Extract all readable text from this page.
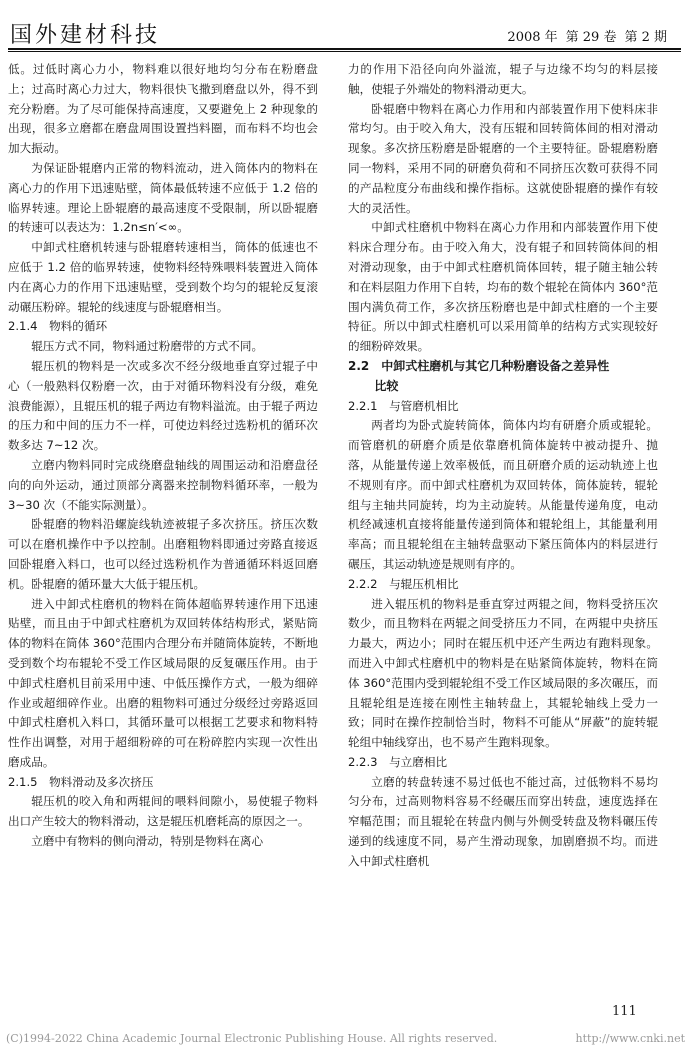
国外建材科技	2008 年 第 29 卷 第 2 期

低。过低时离心力小，物料难以很好地均匀分布在粉磨盘上；过高时离心力过大，物料很快飞撒到磨盘以外，得不到充分粉磨。为了尽可能保持高速度，又要避免上 2 种现象的出现，很多立磨都在磨盘周围设置挡料圈，而布料不均也会加大振动。

为保证卧辊磨内正常的物料流动，进入筒体内的物料在离心力的作用下迅速贴壁，筒体最低转速不应低于 1.2 倍的临界转速。理论上卧辊磨的最高速度不受限制，所以卧辊磨的转速可以表达为：1.2n≤n′<∞。

中卸式柱磨机转速与卧辊磨转速相当，筒体的低速也不应低于 1.2 倍的临界转速，使物料经特殊喂料装置进入筒体内在离心力的作用下迅速贴壁，受到数个均匀的辊轮反复滚动碾压粉碎。辊轮的线速度与卧辊磨相当。

2.1.4　物料的循环

辊压方式不同，物料通过粉磨带的方式不同。

辊压机的物料是一次或多次不经分级地垂直穿过辊子中心（一般熟料仅粉磨一次，由于对循环物料没有分级，难免浪费能源），且辊压机的辊子两边有物料溢流。由于辊子两边的压力和中间的压力不一样，可使边料经过选粉机的循环次数多达 7~12 次。

立磨内物料同时完成绕磨盘轴线的周围运动和沿磨盘径向的向外运动，通过顶部分离器来控制物料循环率，一般为 3~30 次（不能实际测量）。

卧辊磨的物料沿螺旋线轨迹被辊子多次挤压。挤压次数可以在磨机操作中予以控制。出磨粗物料即通过旁路直接返回卧辊磨入料口，也可以经过选粉机作为普通循环料返回磨机。卧辊磨的循环量大大低于辊压机。

进入中卸式柱磨机的物料在筒体超临界转速作用下迅速贴壁，而且由于中卸式柱磨机为双回转体结构形式，紧贴筒体的物料在筒体 360°范围内合理分布并随筒体旋转，不断地受到数个均布辊轮不受工作区域局限的反复碾压作用。由于中卸式柱磨机目前采用中速、中低压操作方式，一般为细碎作业或超细碎作业。出磨的粗物料可通过分级经过旁路返回中卸式柱磨机入料口，其循环量可以根据工艺要求和物料特性作出调整，对用于超细粉碎的可在粉碎腔内实现一次性出磨成品。

2.1.5　物料滑动及多次挤压

辊压机的咬入角和两辊间的喂料间隙小，易使辊子物料出口产生较大的物料滑动，这是辊压机磨耗高的原因之一。

立磨中有物料的侧向滑动，特别是物料在离心

力的作用下沿径向向外溢流，辊子与边缘不均匀的料层接触，使辊子外端处的物料滑动更大。

卧辊磨中物料在离心力作用和内部装置作用下使料床非常均匀。由于咬入角大，没有压辊和回转筒体间的相对滑动现象。多次挤压粉磨是卧辊磨的一个主要特征。卧辊磨粉磨同一物料，采用不同的研磨负荷和不同挤压次数可获得不同的产品粒度分布曲线和操作指标。这就使卧辊磨的操作有较大的灵活性。

中卸式柱磨机中物料在离心力作用和内部装置作用下使料床合理分布。由于咬入角大，没有辊子和回转筒体间的相对滑动现象，由于中卸式柱磨机筒体回转，辊子随主轴公转和在料层阻力作用下自转，均布的数个辊轮在筒体内 360°范围内满负荷工作，多次挤压粉磨也是中卸式柱磨的一个主要特征。所以中卸式柱磨机可以采用简单的结构方式实现较好的细粉碎效果。

2.2　中卸式柱磨机与其它几种粉磨设备之差异性
比较
2.2.1　与管磨机相比

两者均为卧式旋转筒体，筒体内均有研磨介质或辊轮。而管磨机的研磨介质是依靠磨机筒体旋转中被动提升、抛落，从能量传递上效率极低，而且研磨介质的运动轨迹上也不规则有序。而中卸式柱磨机为双回转体，筒体旋转，辊轮组与主轴共同旋转，均为主动旋转。从能量传递角度，电动机经减速机直接将能量传递到筒体和辊轮组上，其能量利用率高；而且辊轮组在主轴转盘驱动下紧压筒体内的料层进行碾压，其运动轨迹是规则有序的。

2.2.2　与辊压机相比

进入辊压机的物料是垂直穿过两辊之间，物料受挤压次数少，而且物料在两辊之间受挤压力不同，在两辊中央挤压力最大，两边小；同时在辊压机中还产生两边有跑料现象。而进入中卸式柱磨机中的物料是在贴紧筒体旋转，物料在筒体 360°范围内受到辊轮组不受工作区域局限的多次碾压，而且辊轮组是连接在刚性主轴转盘上，其辊轮轴线上受力一致；同时在操作控制恰当时，物料不可能从“屏蔽”的旋转辊轮组中轴线穿出，也不易产生跑料现象。

2.2.3　与立磨相比

立磨的转盘转速不易过低也不能过高，过低物料不易均匀分布，过高则物料容易不经碾压而穿出转盘，速度选择在窄幅范围；而且辊轮在转盘内侧与外侧受转盘及物料碾压传递到的线速度不同，易产生滑动现象，加剧磨损不均。而进入中卸式柱磨机

111
(C)1994-2022 China Academic Journal Electronic Publishing House. All rights reserved.	http://www.cnki.net
